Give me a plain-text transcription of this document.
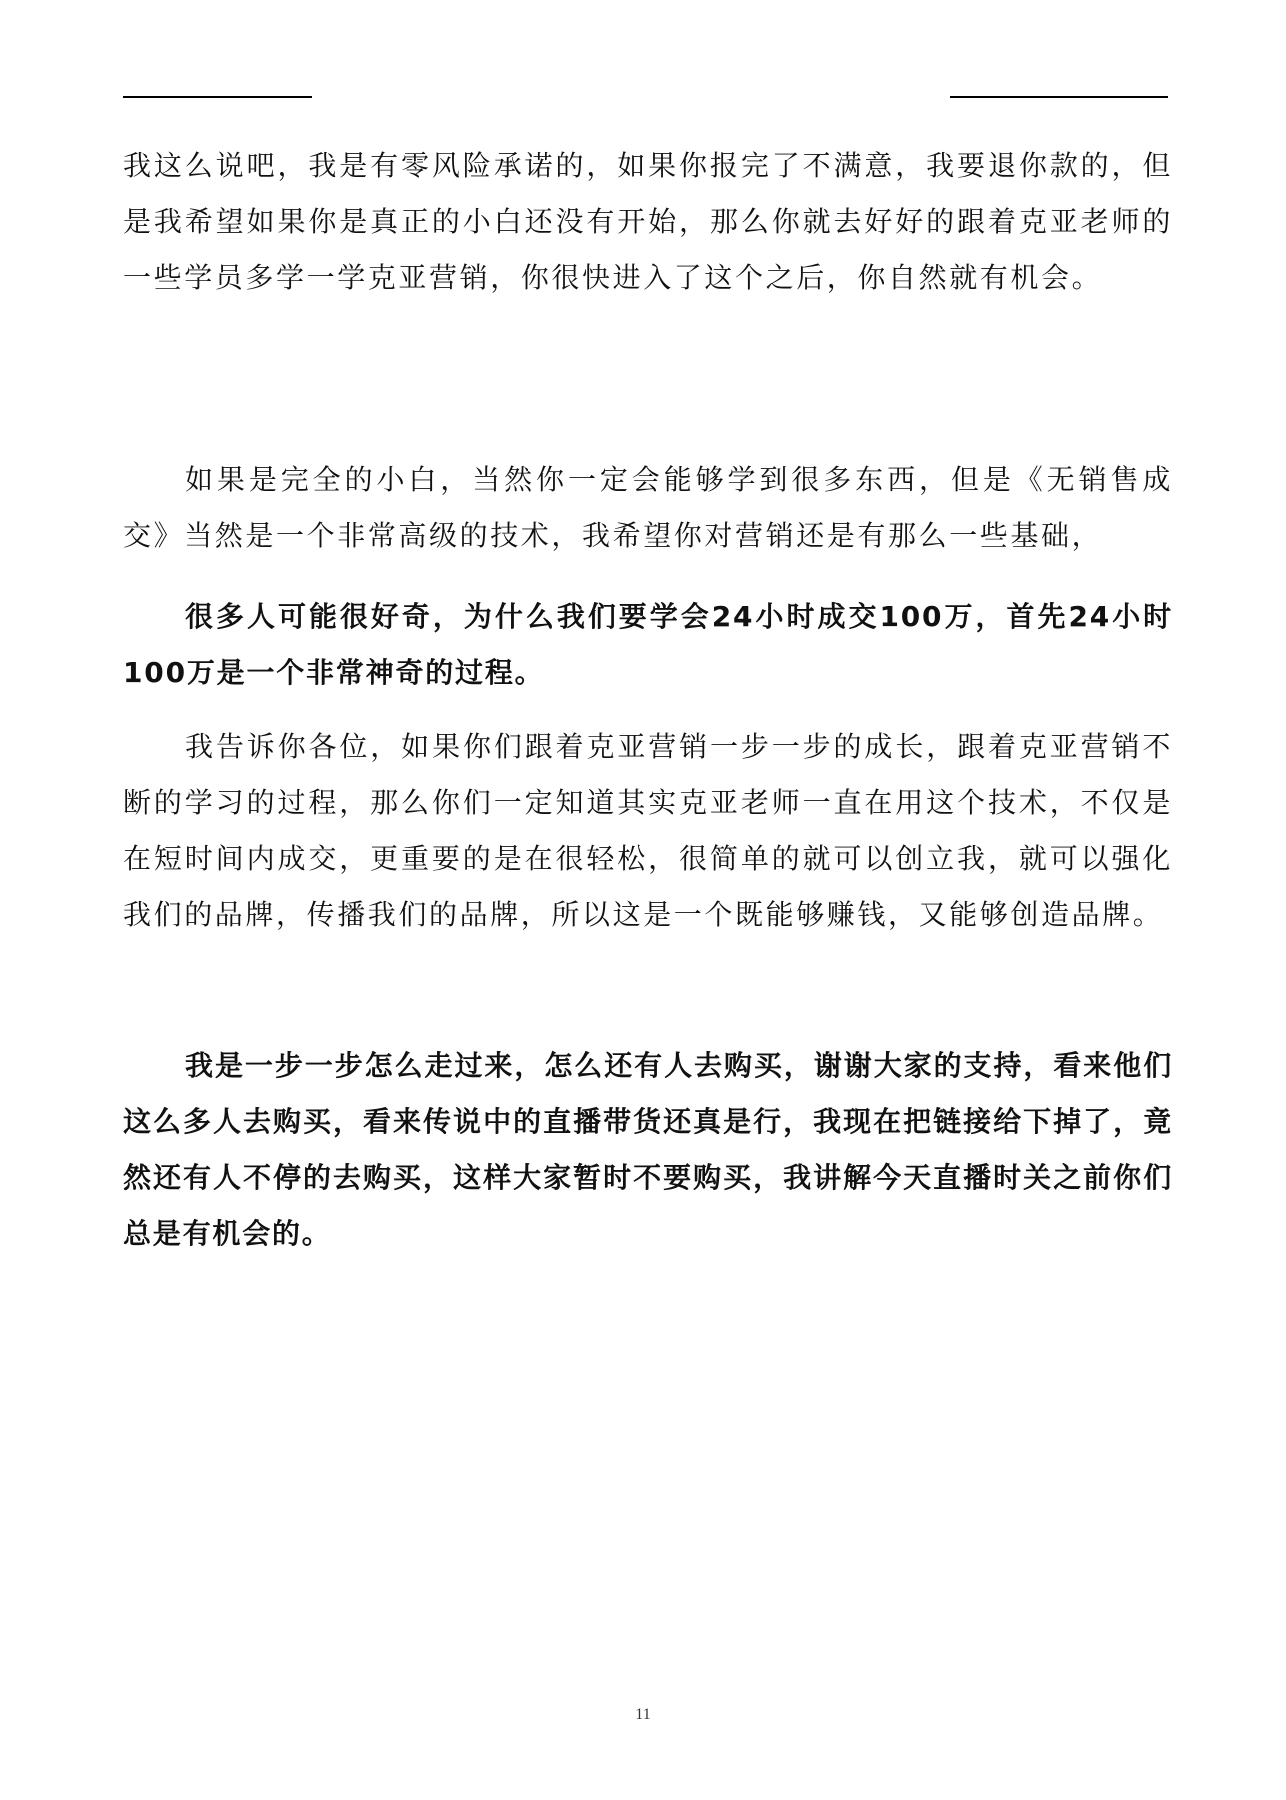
我这么说吧，我是有零风险承诺的，如果你报完了不满意，我要退你款的，但是我希望如果你是真正的小白还没有开始，那么你就去好好的跟着克亚老师的一些学员多学一学克亚营销，你很快进入了这个之后，你自然就有机会。

如果是完全的小白，当然你一定会能够学到很多东西，但是《无销售成交》当然是一个非常高级的技术，我希望你对营销还是有那么一些基础，

很多人可能很好奇，为什么我们要学会24小时成交100万，首先24小时100万是一个非常神奇的过程。

我告诉你各位，如果你们跟着克亚营销一步一步的成长，跟着克亚营销不断的学习的过程，那么你们一定知道其实克亚老师一直在用这个技术，不仅是在短时间内成交，更重要的是在很轻松，很简单的就可以创立我，就可以强化我们的品牌，传播我们的品牌，所以这是一个既能够赚钱，又能够创造品牌。

我是一步一步怎么走过来，怎么还有人去购买，谢谢大家的支持，看来他们这么多人去购买，看来传说中的直播带货还真是行，我现在把链接给下掉了，竟然还有人不停的去购买，这样大家暂时不要购买，我讲解今天直播时关之前你们总是有机会的。

11
